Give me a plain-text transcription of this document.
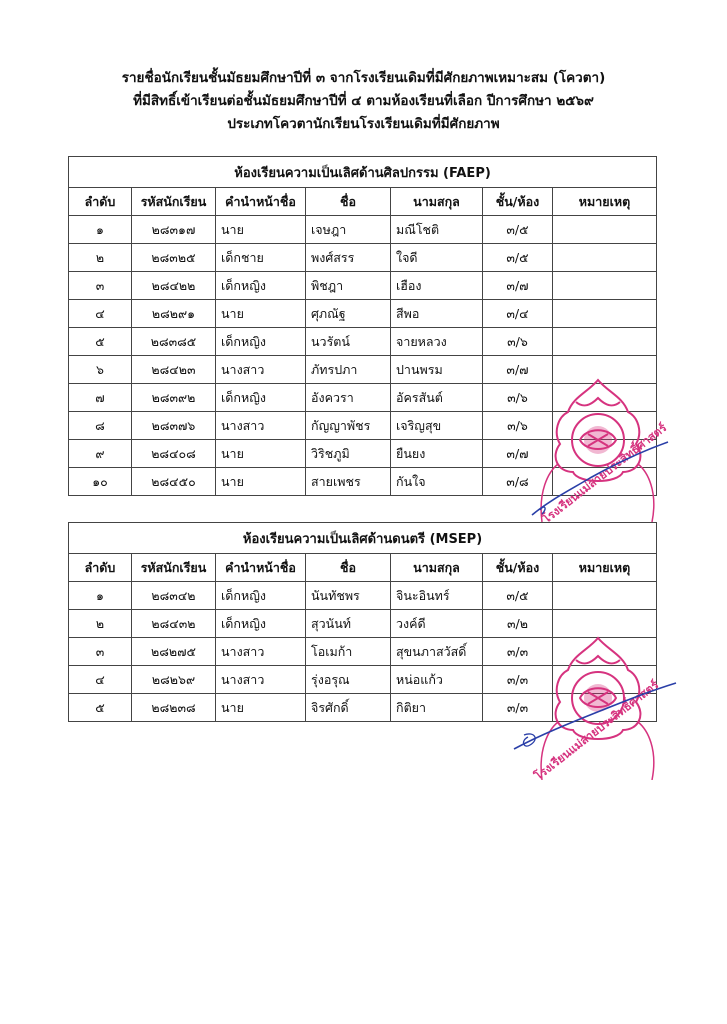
รายชื่อนักเรียนชั้นมัธยมศึกษาปีที่ ๓ จากโรงเรียนเดิมที่มีศักยภาพเหมาะสม (โควตา)
ที่มีสิทธิ์เข้าเรียนต่อชั้นมัธยมศึกษาปีที่ ๔ ตามห้องเรียนที่เลือก ปีการศึกษา ๒๕๖๙
ประเภทโควตานักเรียนโรงเรียนเดิมที่มีศักยภาพ
ห้องเรียนความเป็นเลิศด้านศิลปกรรม (FAEP)						
ลำดับ	รหัสนักเรียน	คำนำหน้าชื่อ	ชื่อ	นามสกุล	ชั้น/ห้อง	หมายเหตุ
๑	๒๘๓๑๗	นาย	เจษฎา	มณีโชติ	๓/๕	
๒	๒๘๓๒๕	เด็กชาย	พงศ์สรร	ใจดี	๓/๕	
๓	๒๘๔๒๒	เด็กหญิง	พิชฎา	เฮือง	๓/๗	
๔	๒๘๒๙๑	นาย	ศุภณัฐ	สีพอ	๓/๔	
๕	๒๘๓๘๕	เด็กหญิง	นวรัตน์	จายหลวง	๓/๖	
๖	๒๘๔๒๓	นางสาว	ภัทรปภา	ปานพรม	๓/๗	
๗	๒๘๓๙๒	เด็กหญิง	อังควรา	อัครสันต์	๓/๖	
๘	๒๘๓๗๖	นางสาว	กัญญาพัชร	เจริญสุข	๓/๖	
๙	๒๘๔๐๘	นาย	วิริชภูมิ	ยืนยง	๓/๗	
๑๐	๒๘๔๕๐	นาย	สายเพชร	กันใจ	๓/๘	
ห้องเรียนความเป็นเลิศด้านดนตรี (MSEP)						
ลำดับ	รหัสนักเรียน	คำนำหน้าชื่อ	ชื่อ	นามสกุล	ชั้น/ห้อง	หมายเหตุ
๑	๒๘๓๔๒	เด็กหญิง	นันทัชพร	จินะอินทร์	๓/๕	
๒	๒๘๔๓๒	เด็กหญิง	สุวนันท์	วงค์ดี	๓/๒	
๓	๒๘๒๗๕	นางสาว	โอเมก้า	สุขนภาสวัสดิ์	๓/๓	
๔	๒๘๒๖๙	นางสาว	รุ่งอรุณ	หน่อแก้ว	๓/๓	
๕	๒๘๒๓๘	นาย	จิรศักดิ์	กิติยา	๓/๓	
โรงเรียนแม่สายประสิทธิ์ศาสตร์
โรงเรียนแม่สายประสิทธิ์ศาสตร์
